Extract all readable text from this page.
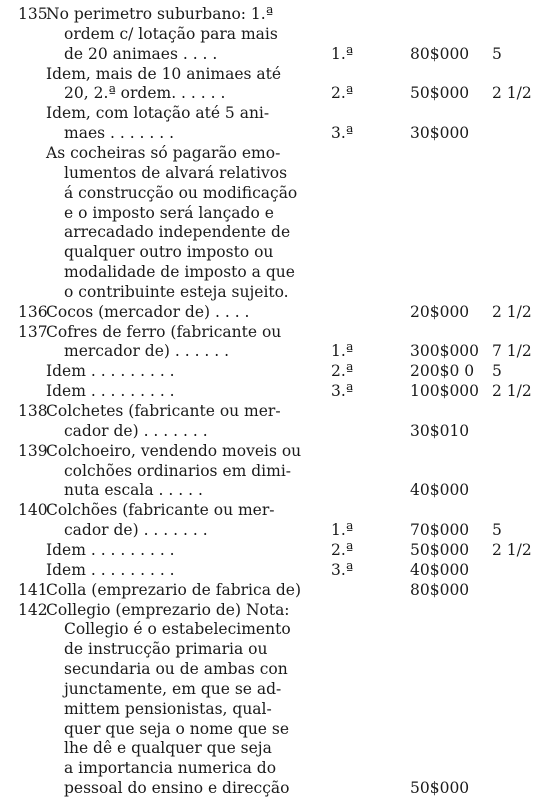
135
No perimetro suburbano: 1.ª
ordem c/ lotação para mais
de 20 animaes . . . .	1.ª	80$000 5
Idem, mais de 10 animaes até
20, 2.ª ordem. . . . . .	2.ª	50$000 2 1/2
Idem, com lotação até 5 ani-
maes . . . . . . .	3.ª	30$000
As cocheiras só pagarão emo-
lumentos de alvará relativos
á construcção ou modificação
e o imposto será lançado e
arrecadado independente de
qualquer outro imposto ou
modalidade de imposto a que
o contribuinte esteja sujeito.
136
Cocos (mercador de) . . . .	20$000 2 1/2
137
Cofres de ferro (fabricante ou
mercador de) . . . . . .	1.ª	300$000 7 1/2
Idem . . . . . . . . .	2.ª	200$0 0 5
Idem . . . . . . . . .	3.ª	100$000 2 1/2
138
Colchetes (fabricante ou mer-
cador de) . . . . . . .	30$010
139
Colchoeiro, vendendo moveis ou
colchões ordinarios em dimi-
nuta escala . . . . .	40$000
140
Colchões (fabricante ou mer-
cador de) . . . . . . .	1.ª	70$000 5
Idem . . . . . . . . .	2.ª	50$000 2 1/2
Idem . . . . . . . . .	3.ª	40$000
141
Colla (emprezario de fabrica de)	80$000
142
Collegio (emprezario de) Nota:
Collegio é o estabelecimento
de instrucção primaria ou
secundaria ou de ambas con
junctamente, em que se ad-
mittem pensionistas, qual-
quer que seja o nome que se
lhe dê e qualquer que seja
a importancia numerica do
pessoal do ensino e direcção	50$000
